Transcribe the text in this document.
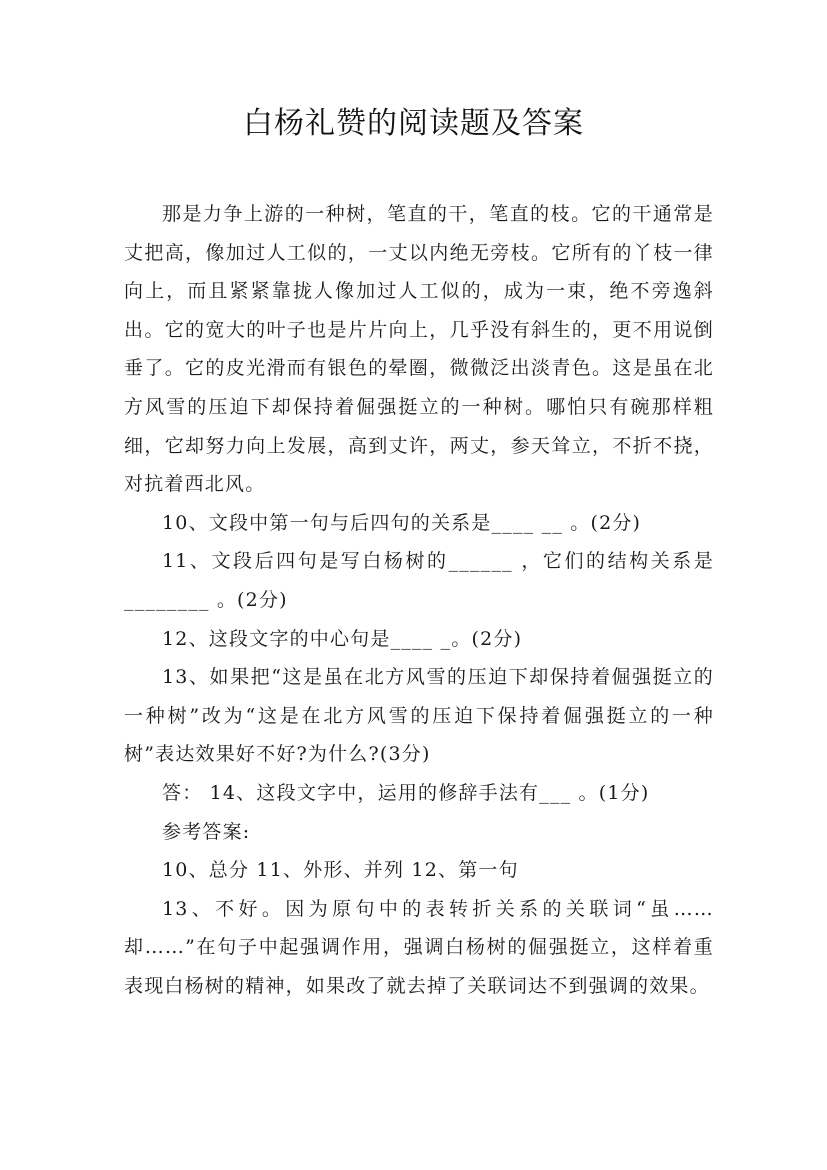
白杨礼赞的阅读题及答案

那是力争上游的一种树，笔直的干，笔直的枝。它的干通常是丈把高，像加过人工似的，一丈以内绝无旁枝。它所有的丫枝一律向上，而且紧紧靠拢人像加过人工似的，成为一束，绝不旁逸斜出。它的宽大的叶子也是片片向上，几乎没有斜生的，更不用说倒垂了。它的皮光滑而有银色的晕圈，微微泛出淡青色。这是虽在北方风雪的压迫下却保持着倔强挺立的一种树。哪怕只有碗那样粗细，它却努力向上发展，高到丈许，两丈，参天耸立，不折不挠，对抗着西北风。

10、文段中第一句与后四句的关系是____ __ 。(2分)

11、文段后四句是写白杨树的______ ，它们的结构关系是________ 。(2分)

12、这段文字的中心句是____ _。(2分)

13、如果把“这是虽在北方风雪的压迫下却保持着倔强挺立的一种树”改为“这是在北方风雪的压迫下保持着倔强挺立的一种树”表达效果好不好?为什么?(3分)

答： 14、这段文字中，运用的修辞手法有___ 。(1分)

参考答案:

10、总分 11、外形、并列 12、第一句

13、不好。因为原句中的表转折关系的关联词“虽……却……”在句子中起强调作用，强调白杨树的倔强挺立，这样着重表现白杨树的精神，如果改了就去掉了关联词达不到强调的效果。
